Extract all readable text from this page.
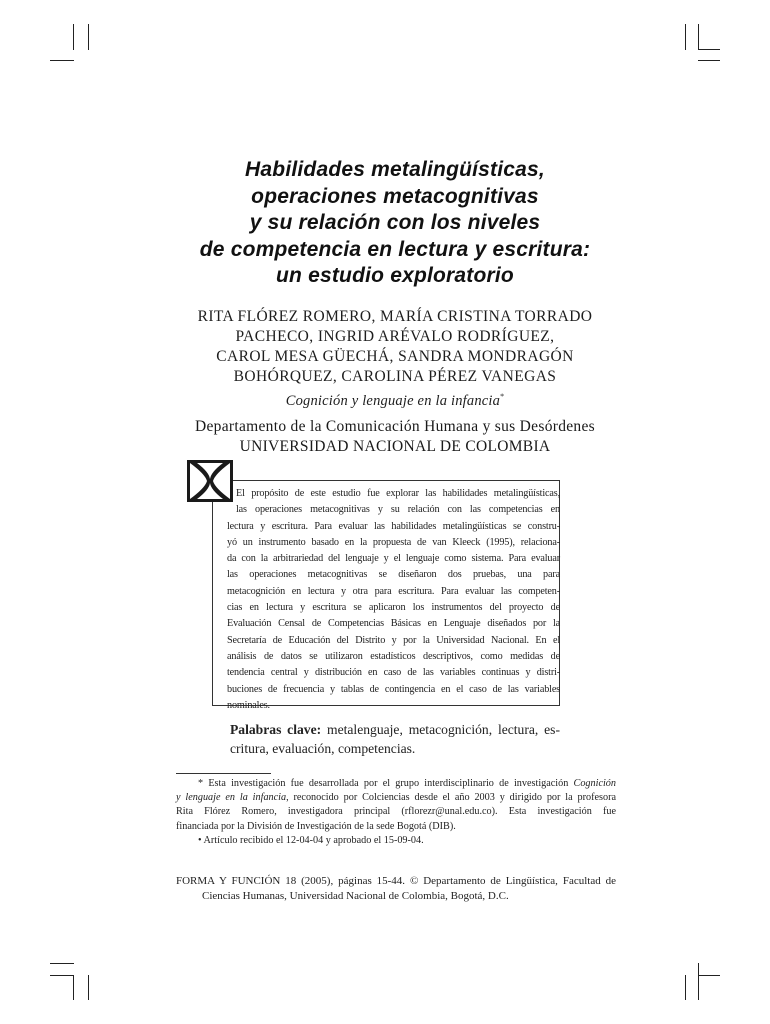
Habilidades metalingüísticas,
operaciones metacognitivas
y su relación con los niveles
de competencia en lectura y escritura:
un estudio exploratorio
RITA FLÓREZ ROMERO, MARÍA CRISTINA TORRADO
PACHECO, INGRID ARÉVALO RODRÍGUEZ,
CAROL MESA GÜECHÁ, SANDRA MONDRAGÓN
BOHÓRQUEZ, CAROLINA PÉREZ VANEGAS
Cognición y lenguaje en la infancia*
Departamento de la Comunicación Humana y sus Desórdenes
UNIVERSIDAD NACIONAL DE COLOMBIA
El propósito de este estudio fue explorar las habilidades metalingüísticas,
las operaciones metacognitivas y su relación con las competencias en
lectura y escritura. Para evaluar las habilidades metalingüísticas se constru-
yó un instrumento basado en la propuesta de van Kleeck (1995), relaciona-
da con la arbitrariedad del lenguaje y el lenguaje como sistema. Para evaluar
las operaciones metacognitivas se diseñaron dos pruebas, una para
metacognición en lectura y otra para escritura. Para evaluar las competen-
cias en lectura y escritura se aplicaron los instrumentos del proyecto de
Evaluación Censal de Competencias Básicas en Lenguaje diseñados por la
Secretaría de Educación del Distrito y por la Universidad Nacional. En el
análisis de datos se utilizaron estadísticos descriptivos, como medidas de
tendencia central y distribución en caso de las variables continuas y distri-
buciones de frecuencia y tablas de contingencia en el caso de las variables
nominales.
Palabras clave: metalenguaje, metacognición, lectura, es-
critura, evaluación, competencias.
* Esta investigación fue desarrollada por el grupo interdisciplinario de investigación Cognición
y lenguaje en la infancia, reconocido por Colciencias desde el año 2003 y dirigido por la profesora
Rita Flórez Romero, investigadora principal (rflorezr@unal.edu.co). Esta investigación fue
financiada por la División de Investigación de la sede Bogotá (DIB).
• Artículo recibido el 12-04-04 y aprobado el 15-09-04.
FORMA Y FUNCIÓN 18 (2005), páginas 15-44. © Departamento de Lingüística, Facultad de
Ciencias Humanas, Universidad Nacional de Colombia, Bogotá, D.C.
